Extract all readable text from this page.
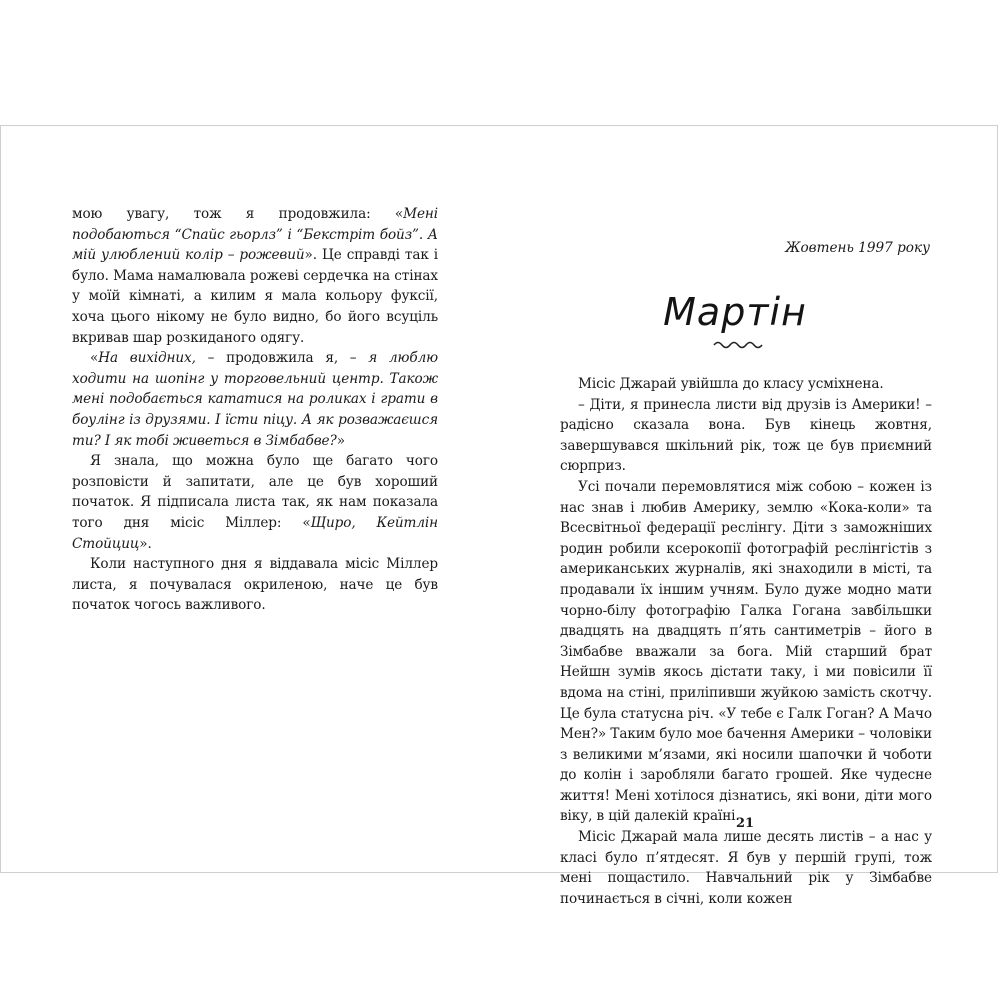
мою увагу, тож я продовжила: «Мені подобаються “Спайс гьорлз” і “Бекстріт бойз”. А мій улюблений колір – рожевий». Це справді так і було. Мама намалювала рожеві сердечка на стінах у моїй кімнаті, а килим я мала кольору фуксії, хоча цього нікому не було видно, бо його всуціль вкривав шар розкиданого одягу.

«На вихідних, – продовжила я, – я люблю ходити на шопінг у торговельний центр. Також мені подобається кататися на роликах і грати в боулінг із друзями. І їсти піцу. А як розважаєшся ти? І як тобі живеться в Зімбабве?»

Я знала, що можна було ще багато чого розповісти й запитати, але це був хороший початок. Я підписала листа так, як нам показала того дня місіс Міллер: «Щиро, Кейтлін Стойциц».

Коли наступного дня я віддавала місіс Міллер листа, я почувалася окриленою, наче це був початок чогось важливого.

Жовтень 1997 року
Мартін

Місіс Джарай увійшла до класу усміхнена.

– Діти, я принесла листи від друзів із Америки! – радісно сказала вона. Був кінець жовтня, завершувався шкільний рік, тож це був приємний сюрприз.

Усі почали перемовлятися між собою – кожен із нас знав і любив Америку, землю «Кока-коли» та Всесвітньої федерації реслінгу. Діти з заможніших родин робили ксерокопії фотографій реслінгістів з американських журналів, які знаходили в місті, та продавали їх іншим учням. Було дуже модно мати чорно-білу фотографію Галка Гогана завбільшки двадцять на двадцять п’ять сантиметрів – його в Зімбабве вважали за бога. Мій старший брат Нейшн зумів якось дістати таку, і ми повісили її вдома на стіні, приліпивши жуйкою замість скотчу. Це була статусна річ. «У тебе є Галк Гоган? А Мачо Мен?» Таким було мое бачення Америки – чоловіки з великими м’язами, які носили шапочки й чоботи до колін і заробляли багато грошей. Яке чудесне життя! Мені хотілося дізнатись, які вони, діти мого віку, в цій далекій країні.

Місіс Джарай мала лише десять листів – а нас у класі було п’ятдесят. Я був у першій групі, тож мені пощастило. Навчальний рік у Зімбабве починається в січні, коли кожен

21
